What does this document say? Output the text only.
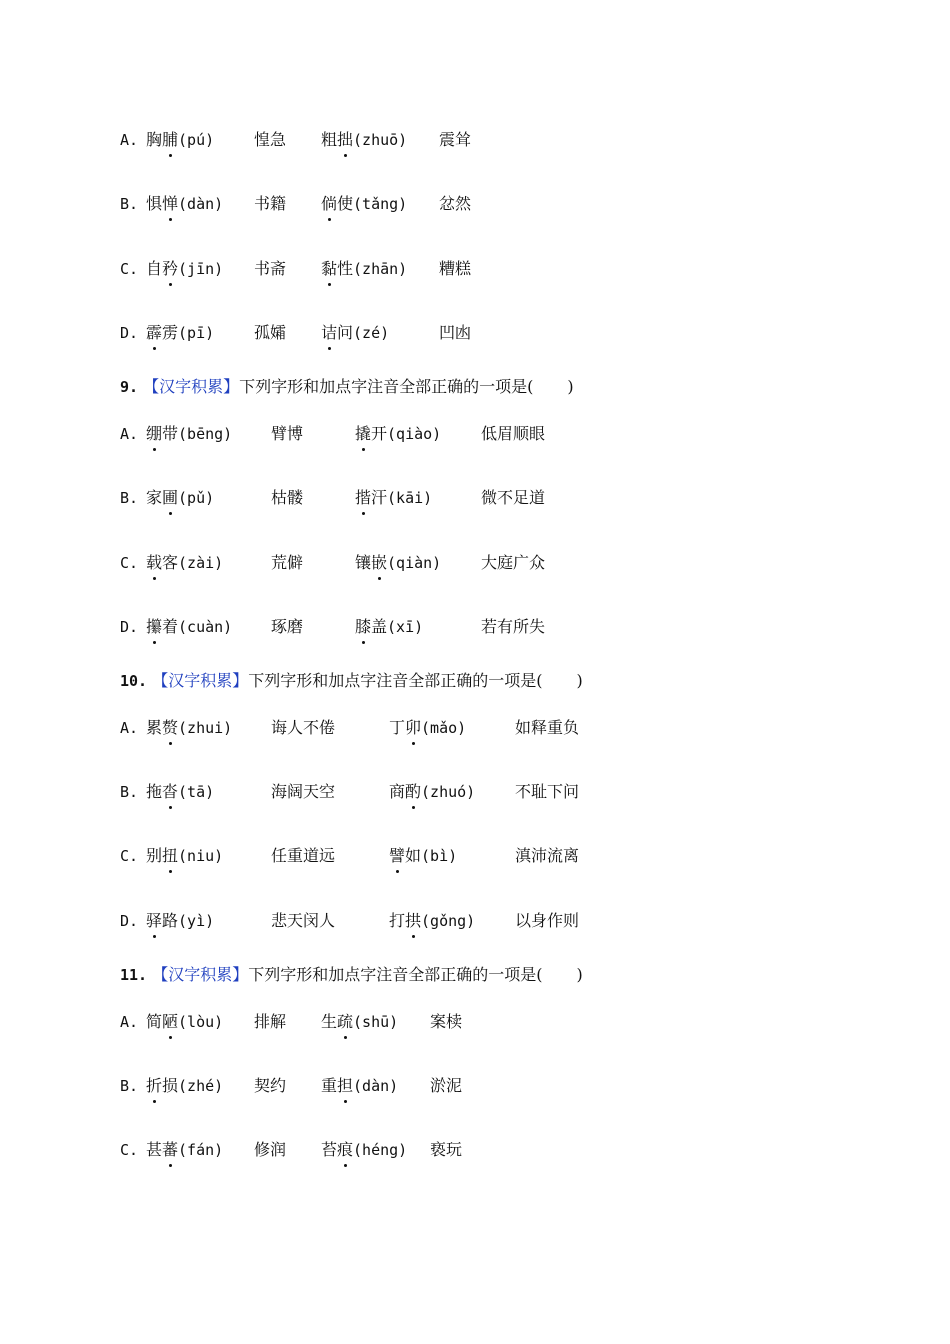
A. 胸脯(pú) 惶急 粗拙(zhuō) 震耸
B. 惧惮(dàn) 书籍 倘使(tǎng) 忿然
C. 自矜(jīn) 书斋 黏性(zhān) 糟糕
D. 霹雳(pī) 孤孀 诘问(zé)	凹凼
9. 【汉字积累】下列字形和加点字注音全部正确的一项是( )
A. 绷带(bēng) 臂博	撬开(qiào) 低眉顺眼
B. 家圃(pǔ)	枯髅	揩汗(kāi)	微不足道
C. 载客(zài)	荒僻	镶嵌(qiàn) 大庭广众
D. 攥着(cuàn) 琢磨	膝盖(xī)	若有所失
10. 【汉字积累】下列字形和加点字注音全部正确的一项是( )
A. 累赘(zhui) 诲人不倦	丁卯(mǎo)	如释重负
B. 拖沓(tā)	海阔天空	商酌(zhuó) 不耻下问
C. 别扭(niu)	任重道远	譬如(bì)	滇沛流离
D. 驿路(yì)	悲天闵人	打拱(gǒng) 以身作则
11. 【汉字积累】下列字形和加点字注音全部正确的一项是( )
A. 简陋(lòu) 排解 生疏(shū) 案椟
B. 折损(zhé) 契约 重担(dàn) 淤泥
C. 甚蕃(fán) 修润 苔痕(héng) 亵玩
